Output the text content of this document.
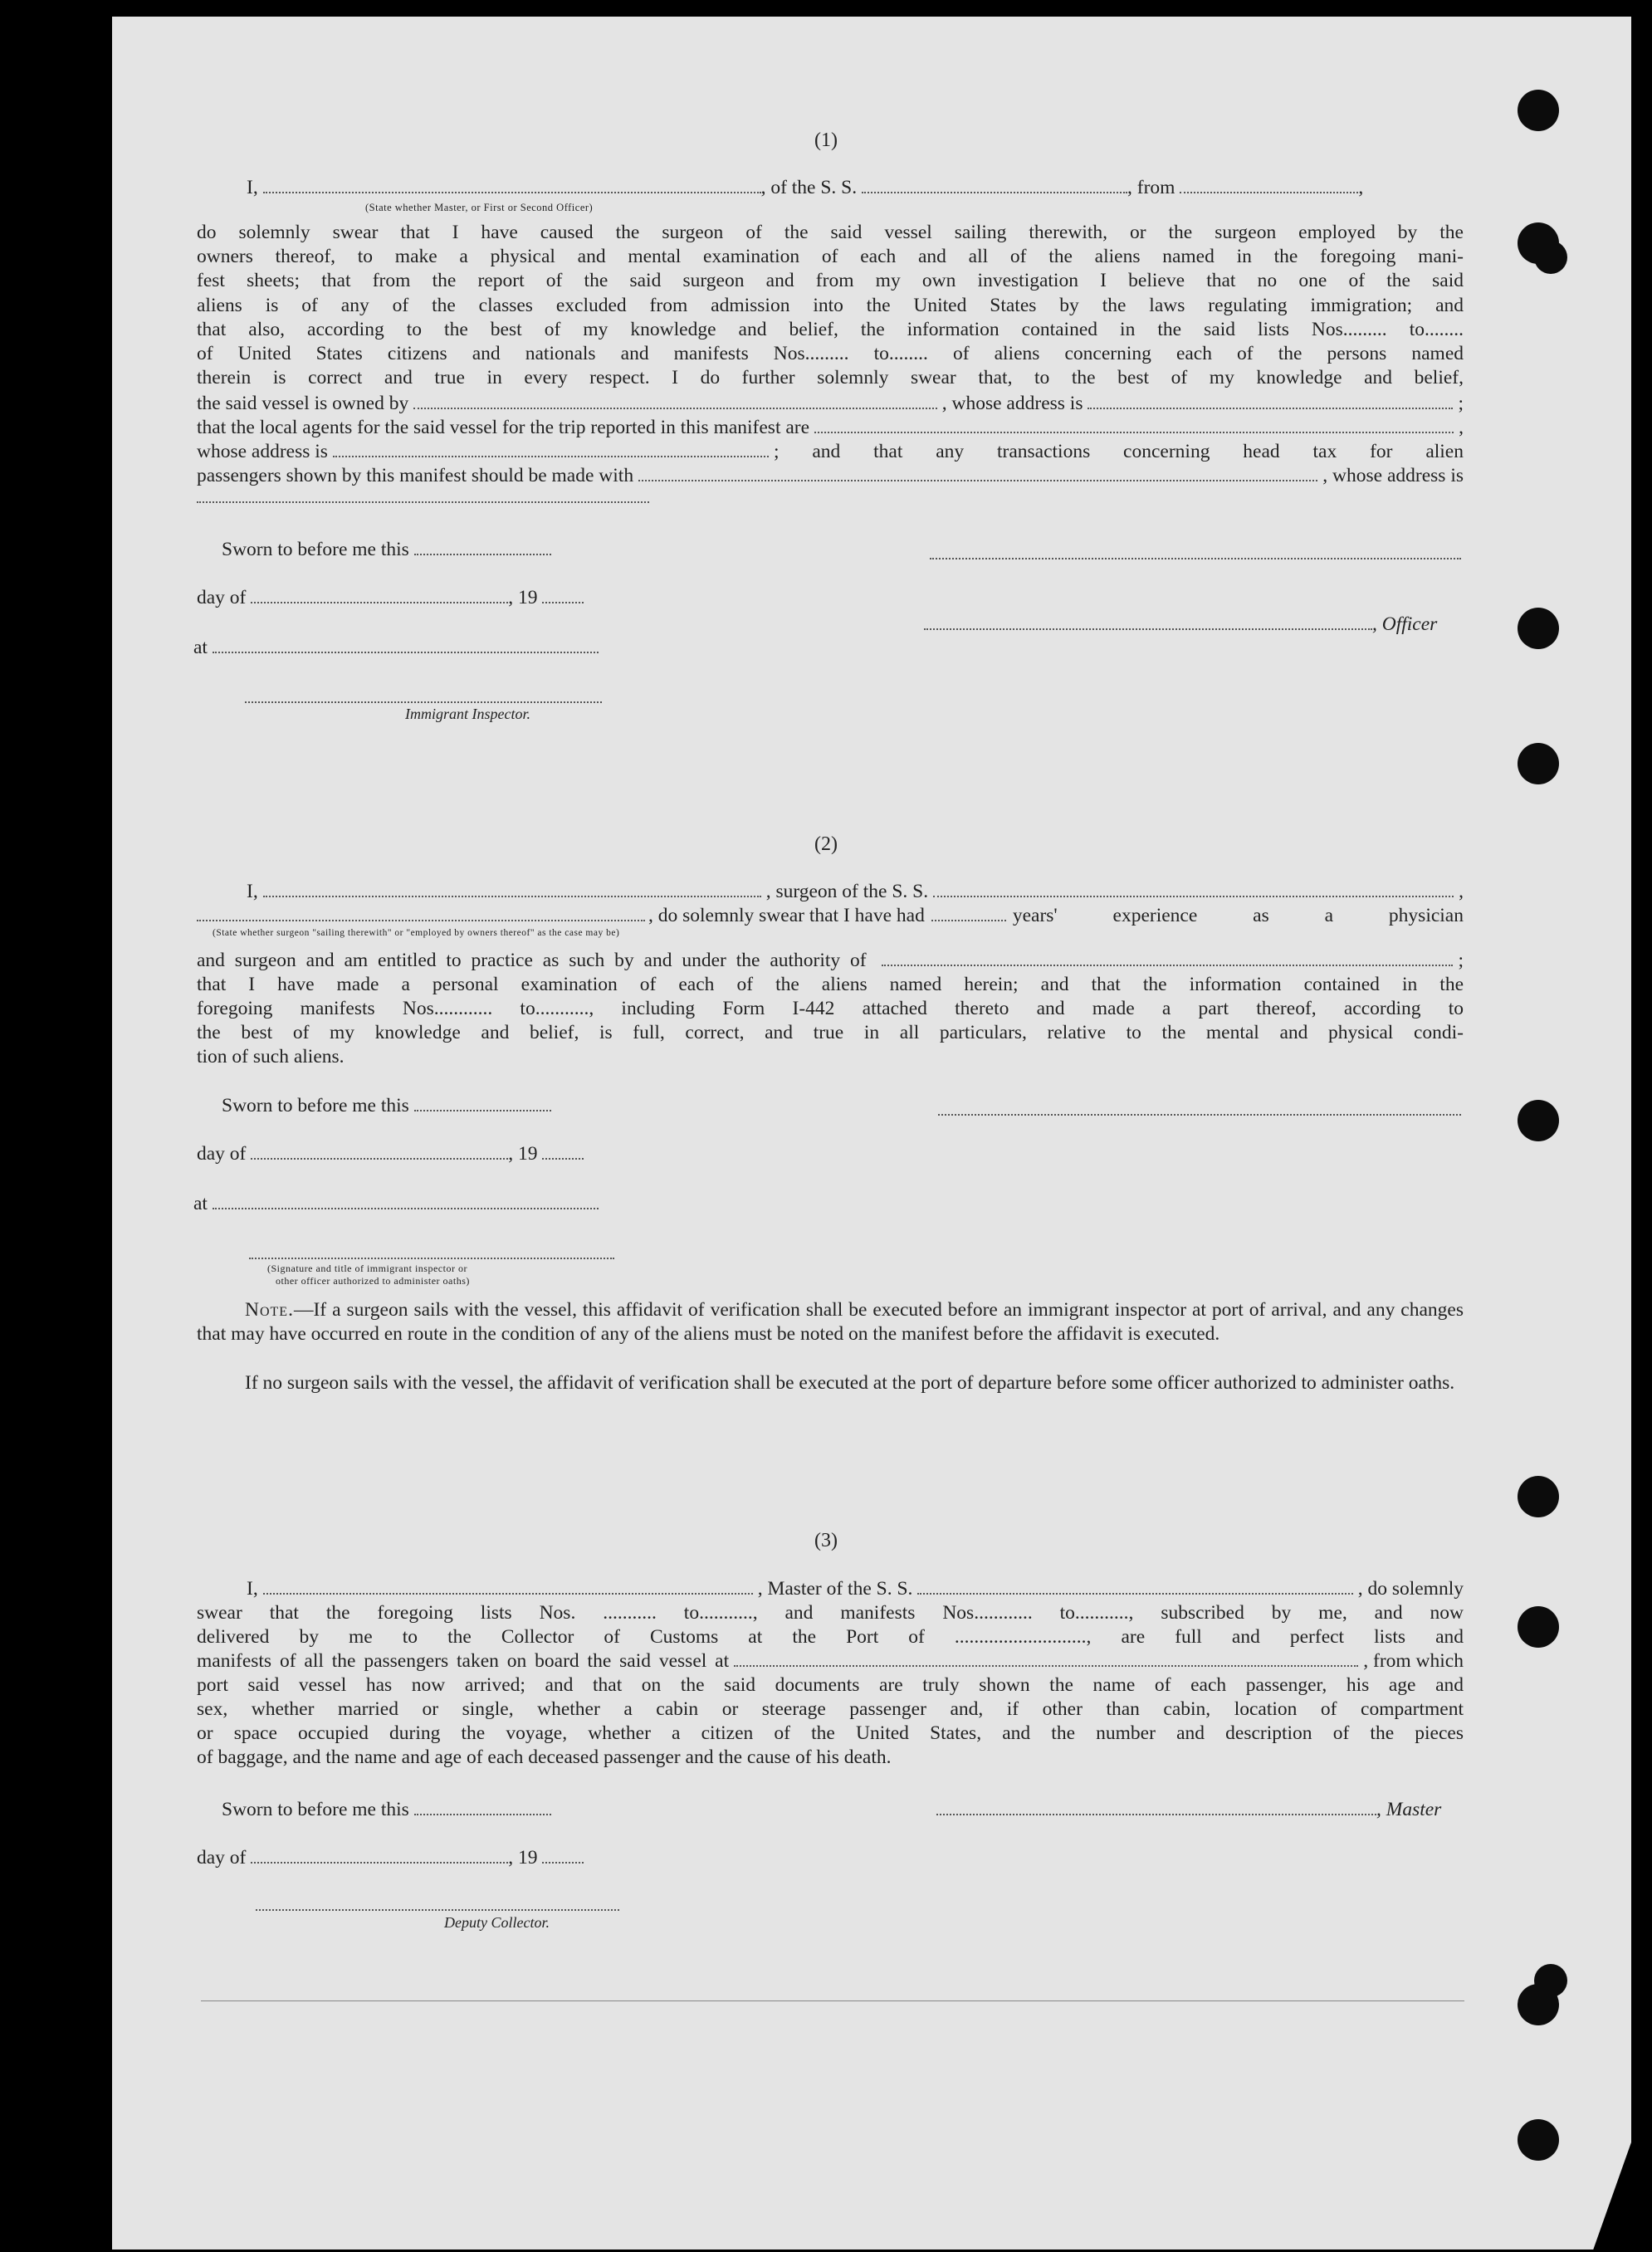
(1)
I,	, of the S. S.	, from	,
(State whether Master, or First or Second Officer)
do solemnly swear that I have caused the surgeon of the said vessel sailing therewith, or the surgeon employed by the
owners thereof, to make a physical and mental examination of each and all of the aliens named in the foregoing mani-
fest sheets; that from the report of the said surgeon and from my own investigation I believe that no one of the said
aliens is of any of the classes excluded from admission into the United States by the laws regulating immigration; and
that also, according to the best of my knowledge and belief, the information contained in the said lists Nos......... to........
of United States citizens and nationals and manifests Nos......... to........ of aliens concerning each of the persons named
therein is correct and true in every respect. I do further solemnly swear that, to the best of my knowledge and belief,
the said vessel is owned by	, whose address is	;
that the local agents for the said vessel for the trip reported in this manifest are	,
whose address is	; and that any transactions concerning head tax for alien
passengers shown by this manifest should be made with	, whose address is
Sworn to before me this
day of	, 19
, Officer
at
Immigrant Inspector.
(2)
I,	, surgeon of the S. S.	,
, do solemnly swear that I have had	years' experience as a physician
(State whether surgeon "sailing therewith" or "employed by owners thereof" as the case may be)
and surgeon and am entitled to practice as such by and under the authority of	;
that I have made a personal examination of each of the aliens named herein; and that the information contained in the
foregoing manifests Nos............ to..........., including Form I-442 attached thereto and made a part thereof, according to
the best of my knowledge and belief, is full, correct, and true in all particulars, relative to the mental and physical condi-
tion of such aliens.
Sworn to before me this
day of	, 19
at
(Signature and title of immigrant inspector or
other officer authorized to administer oaths)
Note.—If a surgeon sails with the vessel, this affidavit of verification shall be executed before an immigrant inspector at port of arrival, and any changes that may have occurred en route in the condition of any of the aliens must be noted on the manifest before the affidavit is executed.
If no surgeon sails with the vessel, the affidavit of verification shall be executed at the port of departure before some officer authorized to administer oaths.
(3)
I,	, Master of the S. S.	, do solemnly
swear that the foregoing lists Nos. ........... to..........., and manifests Nos............ to..........., subscribed by me, and now
delivered by me to the Collector of Customs at the Port of ..........................., are full and perfect lists and
manifests of all the passengers taken on board the said vessel at	, from which
port said vessel has now arrived; and that on the said documents are truly shown the name of each passenger, his age and
sex, whether married or single, whether a cabin or steerage passenger and, if other than cabin, location of compartment
or space occupied during the voyage, whether a citizen of the United States, and the number and description of the pieces
of baggage, and the name and age of each deceased passenger and the cause of his death.
Sworn to before me this	, Master
day of	, 19
Deputy Collector.
